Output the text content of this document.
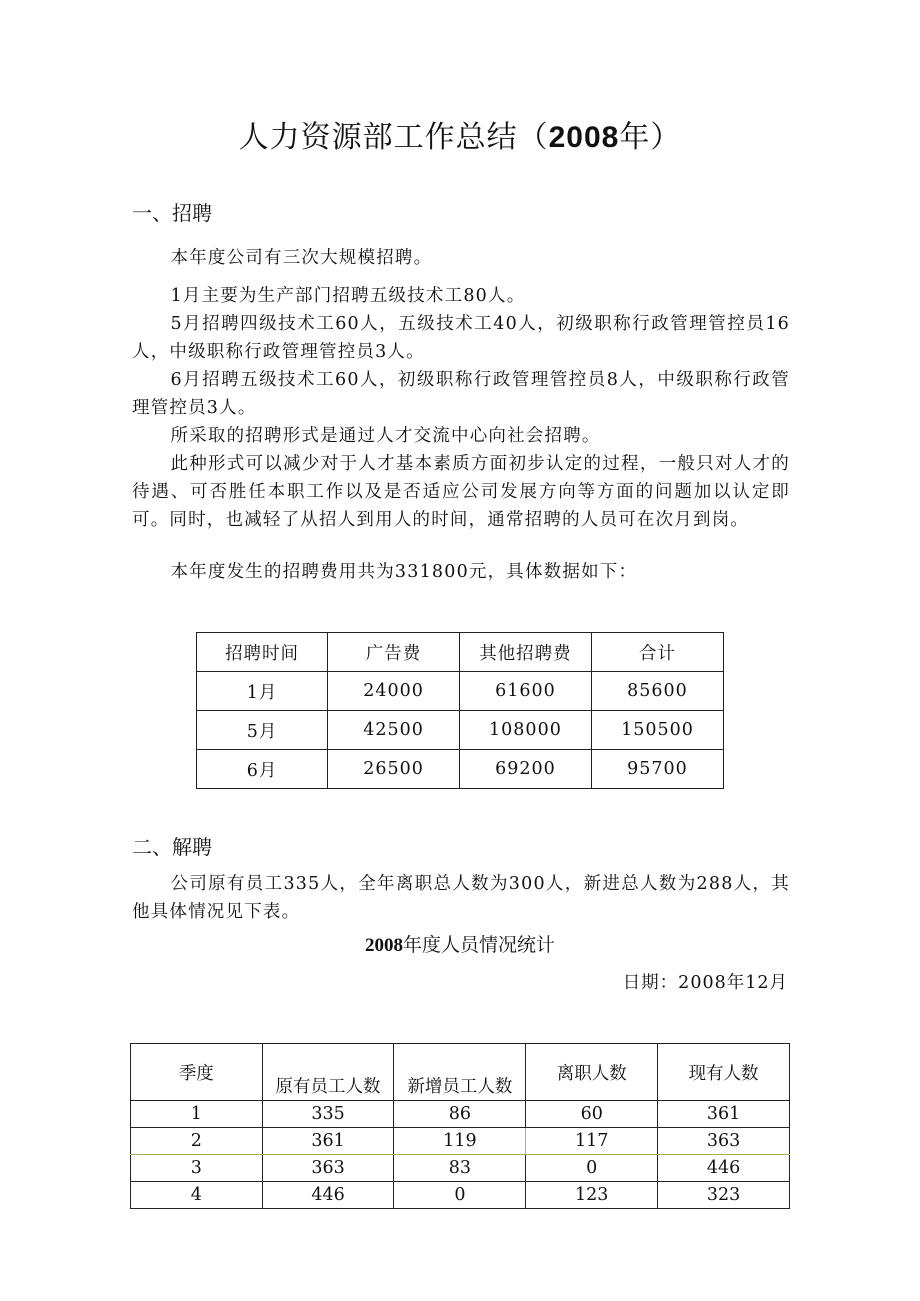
人力资源部工作总结（2008年）
一、招聘

本年度公司有三次大规模招聘。

1月主要为生产部门招聘五级技术工80人。

5月招聘四级技术工60人，五级技术工40人，初级职称行政管理管控员16人，中级职称行政管理管控员3人。

6月招聘五级技术工60人，初级职称行政管理管控员8人，中级职称行政管理管控员3人。

所采取的招聘形式是通过人才交流中心向社会招聘。

此种形式可以减少对于人才基本素质方面初步认定的过程，一般只对人才的待遇、可否胜任本职工作以及是否适应公司发展方向等方面的问题加以认定即可。同时，也减轻了从招人到用人的时间，通常招聘的人员可在次月到岗。

本年度发生的招聘费用共为331800元，具体数据如下：

招聘时间	广告费	其他招聘费	合计
1月	24000	61600	85600
5月	42500	108000	150500
6月	26500	69200	95700
二、解聘

公司原有员工335人，全年离职总人数为300人，新进总人数为288人，其他具体情况见下表。

2008年度人员情况统计
日期：2008年12月
季度	原有员工人数	新增员工人数	离职人数	现有人数
1	335	86	60	361
2	361	119	117	363
3	363	83	0	446
4	446	0	123	323
